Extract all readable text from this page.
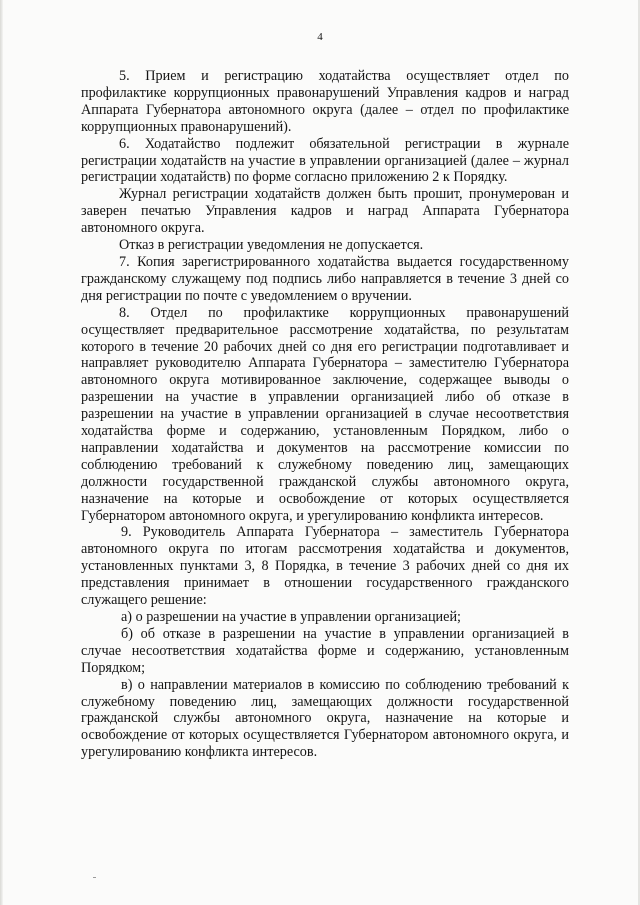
4

5. Прием и регистрацию ходатайства осуществляет отдел по профилактике коррупционных правонарушений Управления кадров и наград Аппарата Губернатора автономного округа (далее – отдел по профилактике коррупционных правонарушений).

6. Ходатайство подлежит обязательной регистрации в журнале регистрации ходатайств на участие в управлении организацией (далее – журнал регистрации ходатайств) по форме согласно приложению 2 к Порядку.

Журнал регистрации ходатайств должен быть прошит, пронумерован и заверен печатью Управления кадров и наград Аппарата Губернатора автономного округа.

Отказ в регистрации уведомления не допускается.

7. Копия зарегистрированного ходатайства выдается государственному гражданскому служащему под подпись либо направляется в течение 3 дней со дня регистрации по почте с уведомлением о вручении.

8. Отдел по профилактике коррупционных правонарушений осуществляет предварительное рассмотрение ходатайства, по результатам которого в течение 20 рабочих дней со дня его регистрации подготавливает и направляет руководителю Аппарата Губернатора – заместителю Губернатора автономного округа мотивированное заключение, содержащее выводы о разрешении на участие в управлении организацией либо об отказе в разрешении на участие в управлении организацией в случае несоответствия ходатайства форме и содержанию, установленным Порядком, либо о направлении ходатайства и документов на рассмотрение комиссии по соблюдению требований к служебному поведению лиц, замещающих должности государственной гражданской службы автономного округа, назначение на которые и освобождение от которых осуществляется Губернатором автономного округа, и урегулированию конфликта интересов.

9. Руководитель Аппарата Губернатора – заместитель Губернатора автономного округа по итогам рассмотрения ходатайства и документов, установленных пунктами 3, 8 Порядка, в течение 3 рабочих дней со дня их представления принимает в отношении государственного гражданского служащего решение:

а) о разрешении на участие в управлении организацией;

б) об отказе в разрешении на участие в управлении организацией в случае несоответствия ходатайства форме и содержанию, установленным Порядком;

в) о направлении материалов в комиссию по соблюдению требований к служебному поведению лиц, замещающих должности государственной гражданской службы автономного округа, назначение на которые и освобождение от которых осуществляется Губернатором автономного округа, и урегулированию конфликта интересов.
